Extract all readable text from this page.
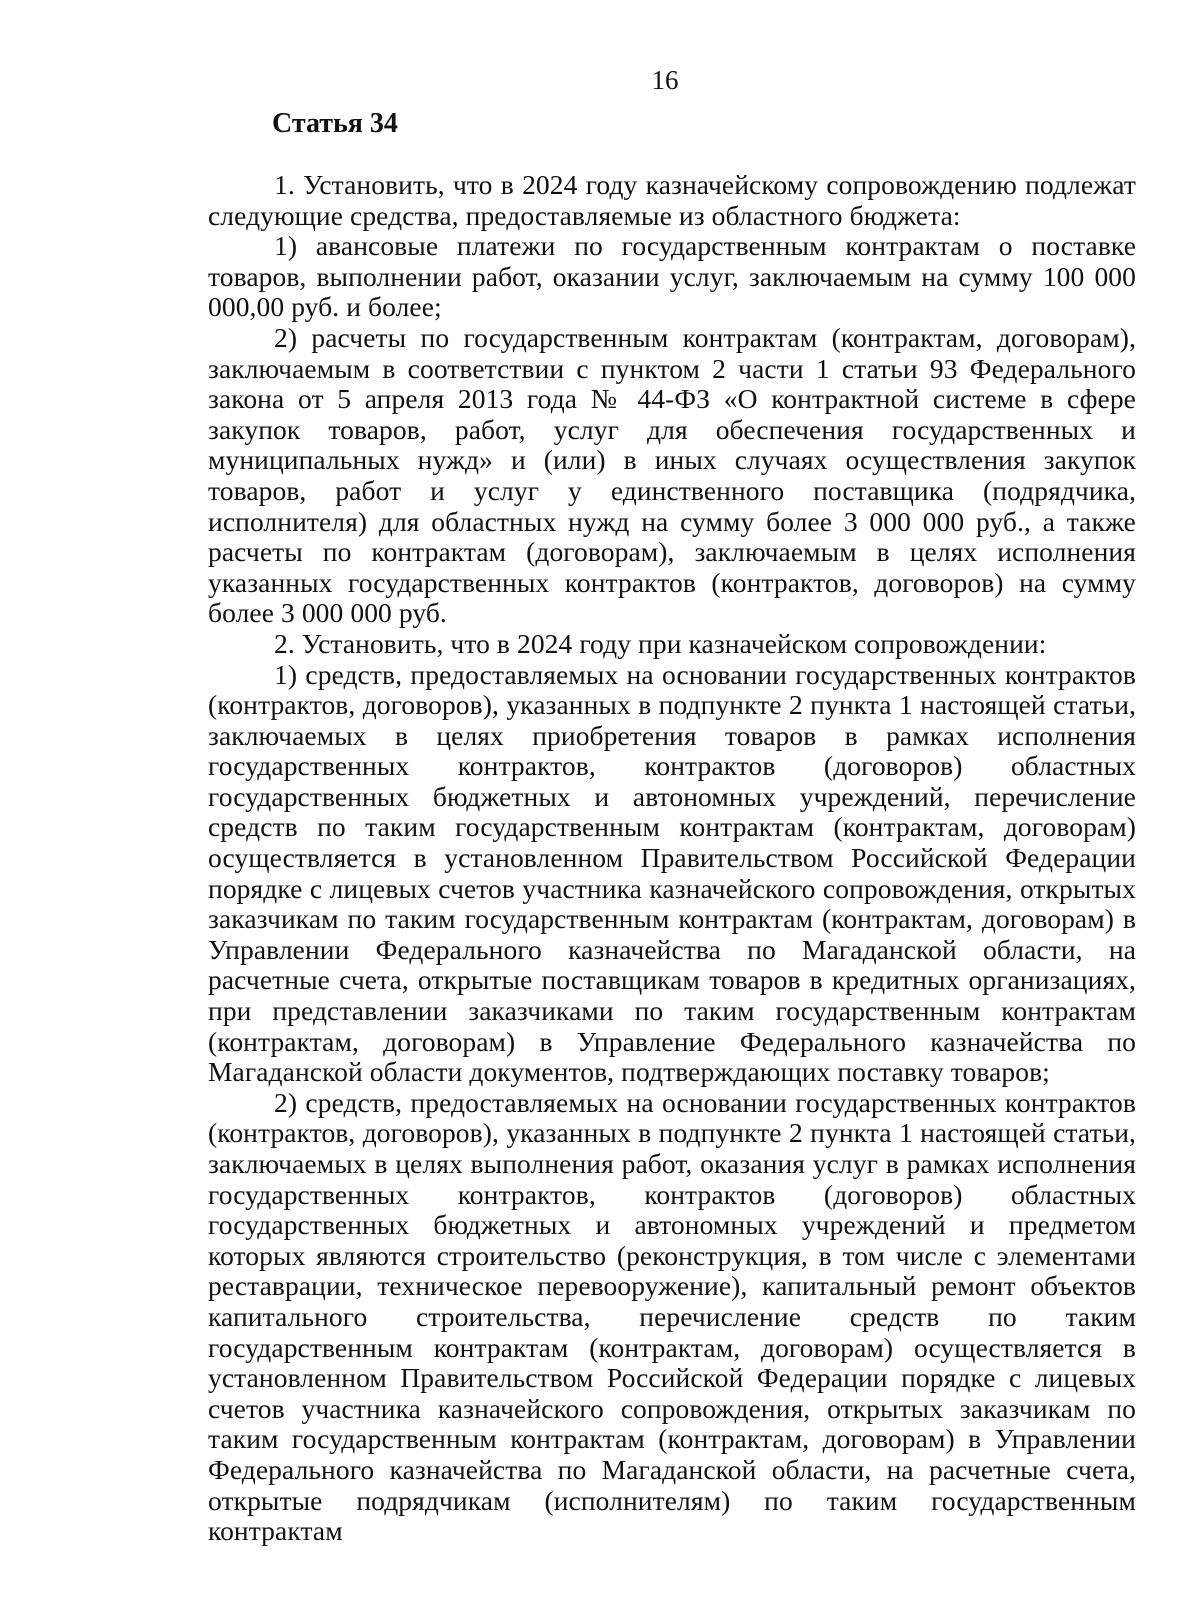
16
Статья 34

1. Установить, что в 2024 году казначейскому сопровождению подлежат следующие средства, предоставляемые из областного бюджета:

1) авансовые платежи по государственным контрактам о поставке товаров, выполнении работ, оказании услуг, заключаемым на сумму 100 000 000,00 руб. и более;

2) расчеты по государственным контрактам (контрактам, договорам), заключаемым в соответствии с пунктом 2 части 1 статьи 93 Федерального закона от 5 апреля 2013 года № 44-ФЗ «О контрактной системе в сфере закупок товаров, работ, услуг для обеспечения государственных и муниципальных нужд» и (или) в иных случаях осуществления закупок товаров, работ и услуг у единственного поставщика (подрядчика, исполнителя) для областных нужд на сумму более 3 000 000 руб., а также расчеты по контрактам (договорам), заключаемым в целях исполнения указанных государственных контрактов (контрактов, договоров) на сумму более 3 000 000 руб.

2. Установить, что в 2024 году при казначейском сопровождении:

1) средств, предоставляемых на основании государственных контрактов (контрактов, договоров), указанных в подпункте 2 пункта 1 настоящей статьи, заключаемых в целях приобретения товаров в рамках исполнения государственных контрактов, контрактов (договоров) областных государственных бюджетных и автономных учреждений, перечисление средств по таким государственным контрактам (контрактам, договорам) осуществляется в установленном Правительством Российской Федерации порядке с лицевых счетов участника казначейского сопровождения, открытых заказчикам по таким государственным контрактам (контрактам, договорам) в Управлении Федерального казначейства по Магаданской области, на расчетные счета, открытые поставщикам товаров в кредитных организациях, при представлении заказчиками по таким государственным контрактам (контрактам, договорам) в Управление Федерального казначейства по Магаданской области документов, подтверждающих поставку товаров;

2) средств, предоставляемых на основании государственных контрактов (контрактов, договоров), указанных в подпункте 2 пункта 1 настоящей статьи, заключаемых в целях выполнения работ, оказания услуг в рамках исполнения государственных контрактов, контрактов (договоров) областных государственных бюджетных и автономных учреждений и предметом которых являются строительство (реконструкция, в том числе с элементами реставрации, техническое перевооружение), капитальный ремонт объектов капитального строительства, перечисление средств по таким государственным контрактам (контрактам, договорам) осуществляется в установленном Правительством Российской Федерации порядке с лицевых счетов участника казначейского сопровождения, открытых заказчикам по таким государственным контрактам (контрактам, договорам) в Управлении Федерального казначейства по Магаданской области, на расчетные счета, открытые подрядчикам (исполнителям) по таким государственным контрактам
